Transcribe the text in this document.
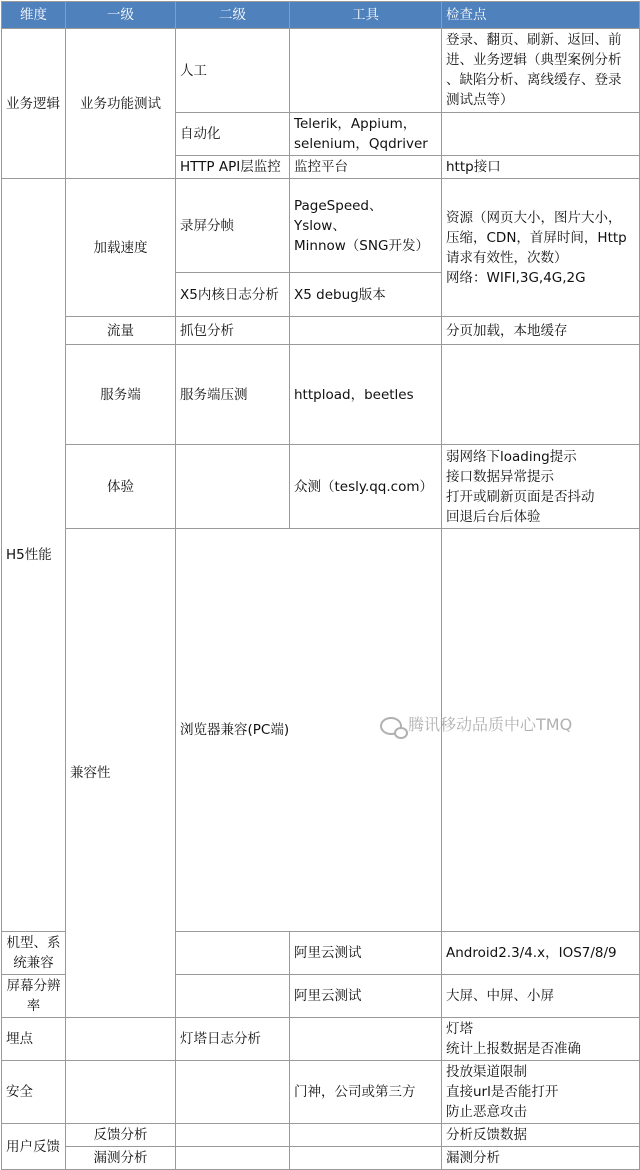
维度	一级	二级	工具	检查点	
业务逻辑	业务功能测试	人工		登录、翻页、刷新、返回、前
进、业务逻辑（典型案例分析
、缺陷分析、离线缓存、登录
测试点等）	

		自动化	Telerik，Appium，
selenium，Qqdriver		

		HTTP API层监控	监控平台	http接口	
H5性能	加载速度	录屏分帧	PageSpeed、
Yslow、
Minnow（SNG开发）	资源（网页大小，图片大小，
压缩，CDN，首屏时间，Http
请求有效性，次数）
网络：WIFI,3G,4G,2G	

		X5内核日志分析	X5 debug版本		
	流量	抓包分析		分页加载，本地缓存	
	服务端	服务端压测	httpload，beetles		
	体验		众测（tesly.qq.com）	弱网络下loading提示
接口数据异常提示
打开或刷新页面是否抖动
回退后台后体验	

	兼容性	浏览器兼容(PC端)		

机型、系统兼容			阿里云测试	Android2.3/4.x，IOS7/8/9	
屏幕分辨率			阿里云测试	大屏、中屏、小屏	
埋点		灯塔日志分析		灯塔
统计上报数据是否准确	

安全			门神，公司或第三方	投放渠道限制
直接url是否能打开
防止恶意攻击	

用户反馈	反馈分析			分析反馈数据	
	漏测分析			漏测分析	
腾讯移动品质中心TMQ
